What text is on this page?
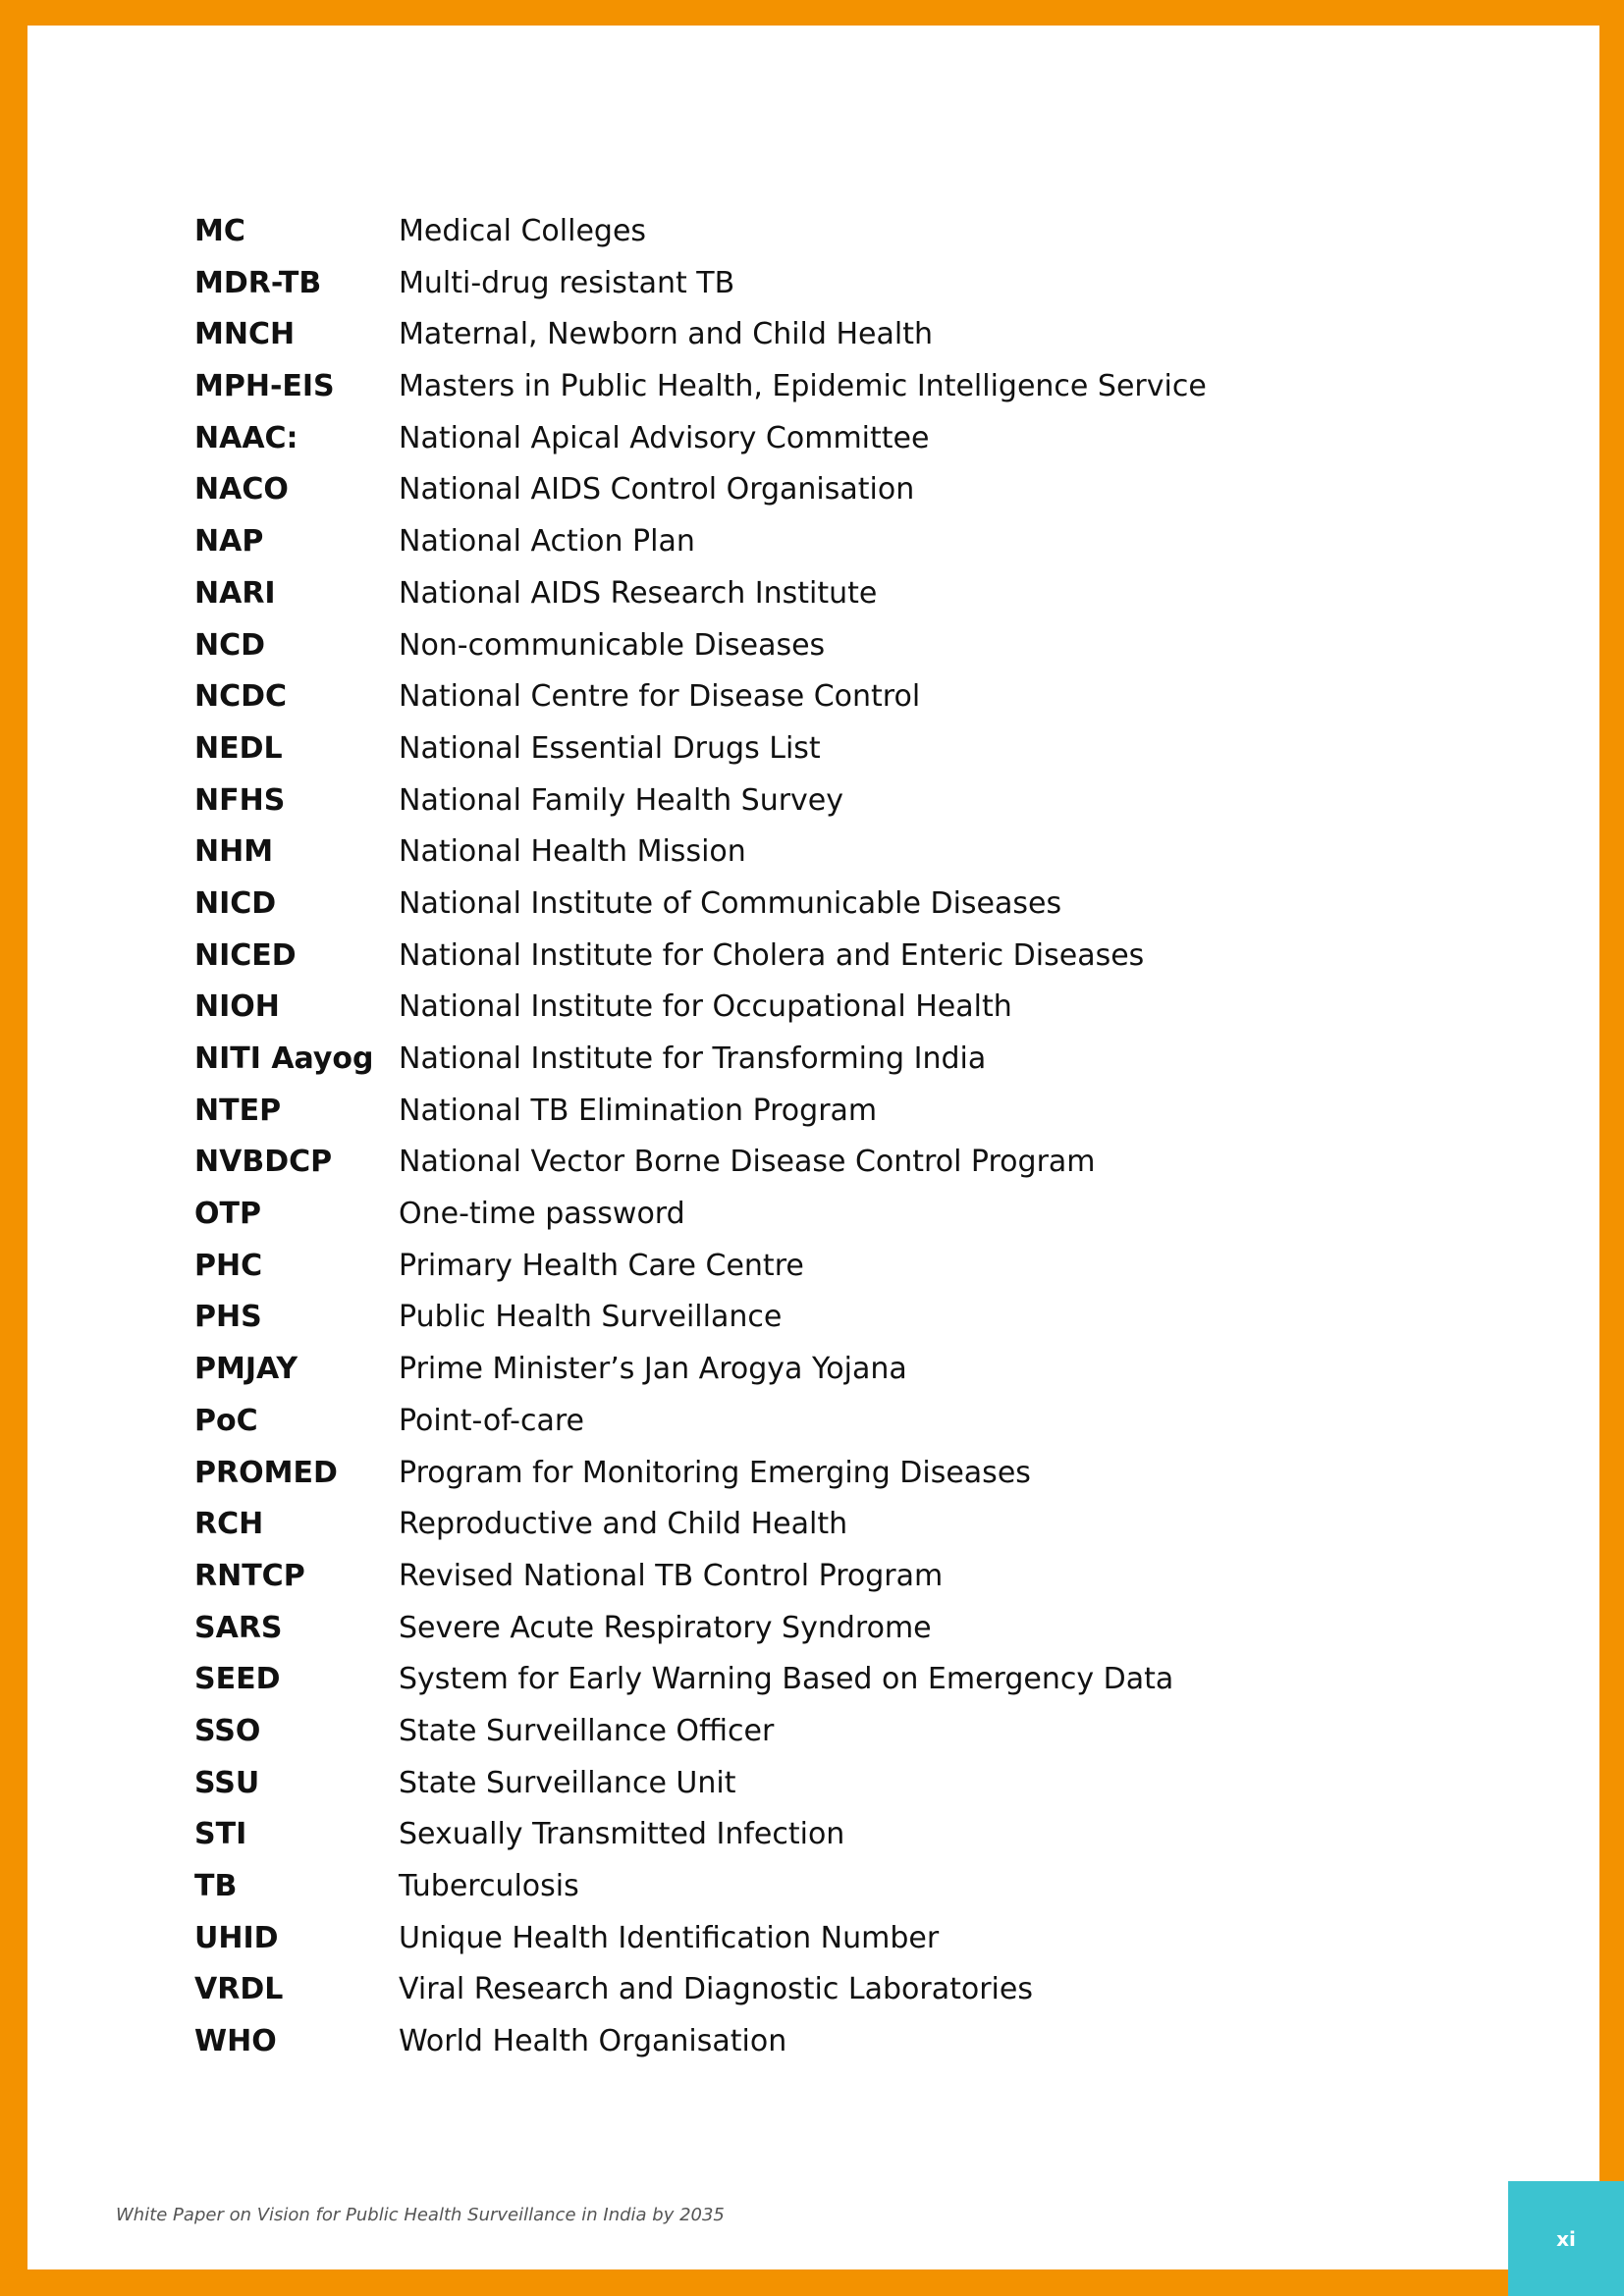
MC	Medical Colleges
MDR-TB	Multi-drug resistant TB
MNCH	Maternal, Newborn and Child Health
MPH-EIS Masters in Public Health, Epidemic Intelligence Service
NAAC:	National Apical Advisory Committee
NACO	National AIDS Control Organisation
NAP	National Action Plan
NARI	National AIDS Research Institute
NCD	Non-communicable Diseases
NCDC	National Centre for Disease Control
NEDL	National Essential Drugs List
NFHS	National Family Health Survey
NHM	National Health Mission
NICD	National Institute of Communicable Diseases
NICED	National Institute for Cholera and Enteric Diseases
NIOH	National Institute for Occupational Health
NITI Aayog National Institute for Transforming India
NTEP	National TB Elimination Program
NVBDCP National Vector Borne Disease Control Program
OTP	One-time password
PHC	Primary Health Care Centre
PHS	Public Health Surveillance
PMJAY	Prime Minister’s Jan Arogya Yojana
PoC	Point-of-care
PROMED Program for Monitoring Emerging Diseases
RCH	Reproductive and Child Health
RNTCP	Revised National TB Control Program
SARS	Severe Acute Respiratory Syndrome
SEED	System for Early Warning Based on Emergency Data
SSO	State Surveillance Officer
SSU	State Surveillance Unit
STI	Sexually Transmitted Infection
TB	Tuberculosis
UHID	Unique Health Identification Number
VRDL	Viral Research and Diagnostic Laboratories
WHO	World Health Organisation
White Paper on Vision for Public Health Surveillance in India by 2035
xi
